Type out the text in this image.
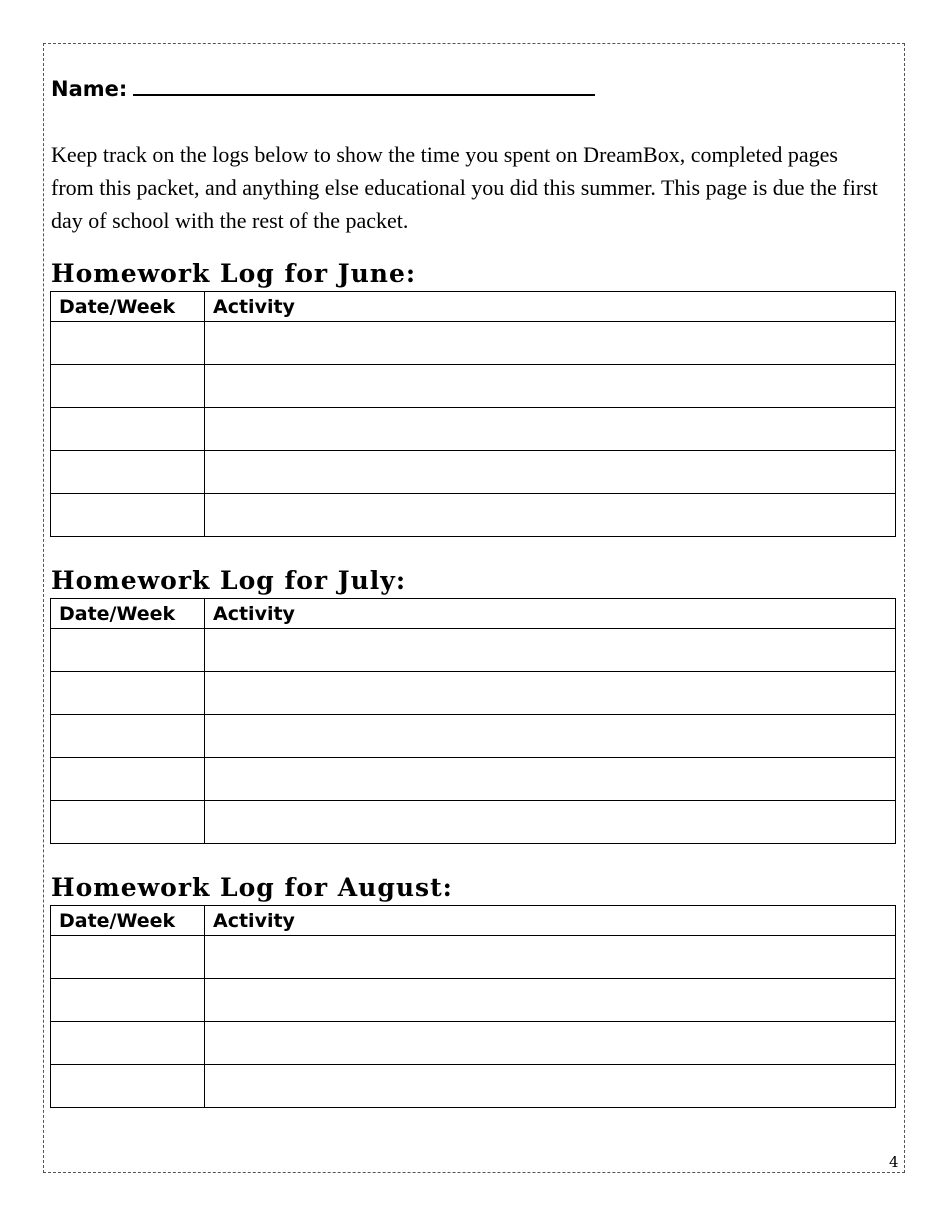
Name:
Keep track on the logs below to show the time you spent on DreamBox, completed pages from this packet, and anything else educational you did this summer. This page is due the first day of school with the rest of the packet.
Homework Log for June:
Date/Week	Activity

Homework Log for July:
Date/Week	Activity

Homework Log for August:
Date/Week	Activity

4
